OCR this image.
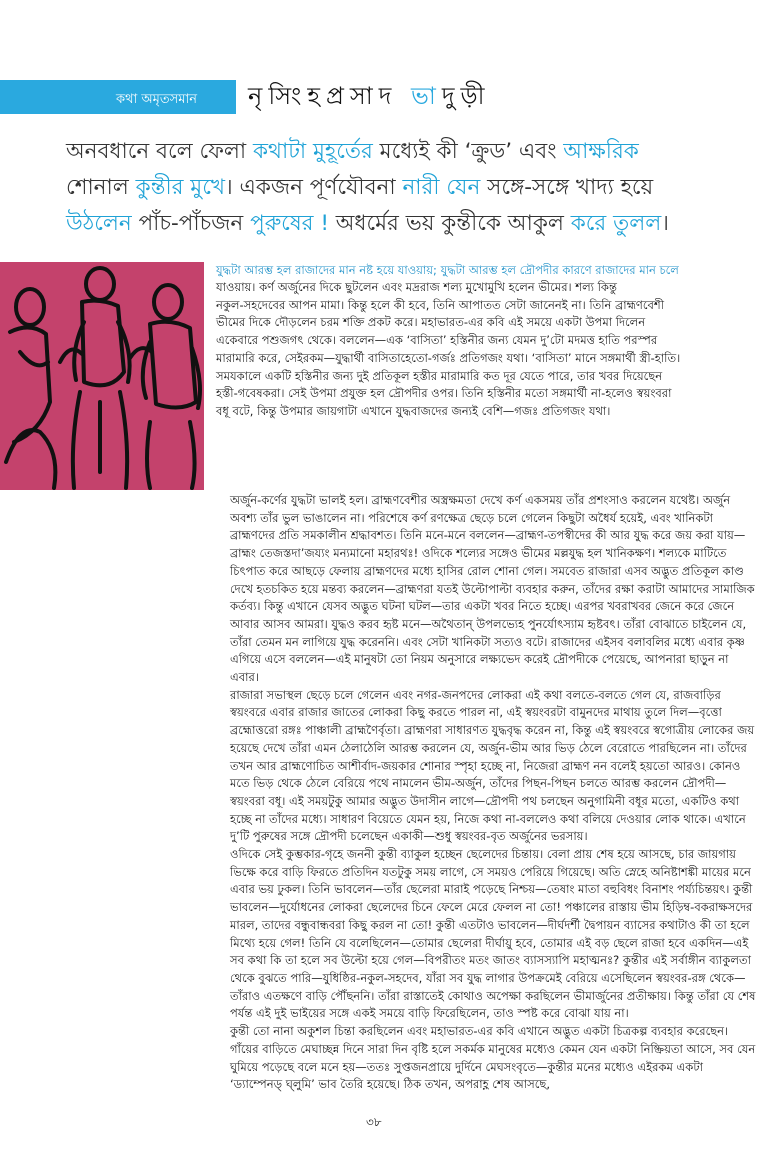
কথা অমৃতসমান নৃসিংহপ্রসাদ ভাদুড়ী
অনবধানে বলে ফেলা কথাটা মুহূর্তের মধ্যেই কী ‘ক্রুড’ এবং আক্ষরিক
শোনাল কুন্তীর মুখে। একজন পূর্ণযৌবনা নারী যেন সঙ্গে-সঙ্গে খাদ্য হয়ে
উঠলেন পাঁচ-পাঁচজন পুরুষের ! অধর্মের ভয় কুন্তীকে আকুল করে তুলল।
যুদ্ধটা আরম্ভ হল রাজাদের মান নষ্ট হয়ে যাওয়ায়; যুদ্ধটা আরম্ভ হল দ্রৌপদীর কারণে রাজাদের মান চলে

যাওয়ায়। কর্ণ অর্জুনের দিকে ছুটলেন এবং মদ্ররাজ শল্য মুখোমুখি হলেন ভীমের। শল্য কিন্তু

নকুল-সহদেবের আপন মামা। কিন্তু হলে কী হবে, তিনি আপাতত সেটা জানেনই না। তিনি ব্রাহ্মণবেশী

ভীমের দিকে দৌড়লেন চরম শক্তি প্রকট করে। মহাভারত-এর কবি এই সময়ে একটা উপমা দিলেন

একেবারে পশুজগৎ থেকে। বললেন—এক ‘বাসিতা’ হস্তিনীর জন্য যেমন দু’টো মদমত্ত হাতি পরস্পর

মারামারি করে, সেইরকম—যুদ্ধার্থী বাসিতাহেতো-গর্জঃ প্রতিগজং যথা। ‘বাসিতা’ মানে সঙ্গমার্থী স্ত্রী-হাতি।

সমযকালে একটি হস্তিনীর জন্য দুই প্রতিকূল হস্তীর মারামারি কত দূর যেতে পারে, তার খবর দিয়েছেন

হস্তী-গবেষকরা। সেই উপমা প্রযুক্ত হল দ্রৌপদীর ওপর। তিনি হস্তিনীর মতো সঙ্গমার্থী না-হলেও স্বয়ংবরা

বধূ বটে, কিন্তু উপমার জায়গাটা এখানে যুদ্ধবাজদের জন্যই বেশি—গজঃ প্রতিগজং যথা।

অর্জুন-কর্ণের যুদ্ধটা ভালই হল। ব্রাহ্মণবেশীর অস্ত্রক্ষমতা দেখে কর্ণ একসময় তাঁর প্রশংসাও করলেন যথেষ্ট। অর্জুন অবশ্য তাঁর ভুল ভাঙালেন না। পরিশেষে কর্ণ রণক্ষেত্র ছেড়ে চলে গেলেন কিছুটা অধৈর্য হয়েই, এবং খানিকটা ব্রাহ্মণদের প্রতি সমকালীন শ্রদ্ধাবশত। তিনি মনে-মনে বললেন—ব্রাহ্মণ-তপস্বীদের কী আর যুদ্ধ করে জয় করা যায়—ব্রাহ্মং তেজস্তদা’জয্যং মন্যমানো মহারথঃ! ওদিকে শল্যের সঙ্গেও ভীমের মল্লযুদ্ধ হল খানিকক্ষণ। শল্যকে মাটিতে চিৎপাত করে আছড়ে ফেলায় ব্রাহ্মণদের মধ্যে হাসির রোল শোনা গেল। সমবেত রাজারা এসব অদ্ভুত প্রতিকূল কাণ্ড দেখে হতচকিত হয়ে মন্তব্য করলেন—ব্রাহ্মণরা যতই উল্টোপাল্টা ব্যবহার করুন, তাঁদের রক্ষা করাটা আমাদের সামাজিক কর্তব্য। কিন্তু এখানে যেসব অদ্ভুত ঘটনা ঘটল—তার একটা খবর নিতে হচ্ছে। এরপর খবরাখবর জেনে করে জেনে আবার আসব আমরা। যুদ্ধও করব হৃষ্ট মনে—অথৈতান্ উপলভ্যেহ পুনর্যোৎস্যাম হৃষ্টবৎ। তাঁরা বোঝাতে চাইলেন যে, তাঁরা তেমন মন লাগিয়ে যুদ্ধ করেননি। এবং সেটা খানিকটা সত্যও বটে। রাজাদের এইসব বলাবলির মধ্যে এবার কৃষ্ণ এগিয়ে এসে বললেন—এই মানুষটা তো নিয়ম অনুসারে লক্ষ্যভেদ করেই দ্রৌপদীকে পেয়েছে, আপনারা ছাড়ুন না এবার।

রাজারা সভাস্থল ছেড়ে চলে গেলেন এবং নগর-জনপদের লোকরা এই কথা বলতে-বলতে গেল যে, রাজবাড়ির স্বয়ংবরে এবার রাজার জাতের লোকরা কিছু করতে পারল না, এই স্বয়ংবরটা বামুনদের মাথায় তুলে দিল—বৃত্তো ব্রহ্মোত্তরো রঙ্গঃ পাঞ্চালী ব্রাহ্মণৈর্বৃতা। ব্রাহ্মণরা সাধারণত যুদ্ধবৃদ্ধ করেন না, কিন্তু এই স্বয়ংবরে স্বগোত্রীয় লোকের জয় হয়েছে দেখে তাঁরা এমন ঠেলাঠেলি আরম্ভ করলেন যে, অর্জুন-ভীম আর ভিড় ঠেলে বেরোতে পারছিলেন না। তাঁদের তখন আর ব্রাহ্মণোচিত আশীর্বাদ-জয়কার শোনার স্পৃহা হচ্ছে না, নিজেরা ব্রাহ্মণ নন বলেই হয়তো আরও। কোনও মতে ভিড় থেকে ঠেলে বেরিয়ে পথে নামলেন ভীম-অর্জুন, তাঁদের পিছন-পিছন চলতে আরম্ভ করলেন দ্রৌপদী—স্বয়ংবরা বধূ। এই সময়টুকু আমার অদ্ভুত উদাসীন লাগে—দ্রৌপদী পথ চলছেন অনুগামিনী বধূর মতো, একটিও কথা হচ্ছে না তাঁদের মধ্যে। সাধারণ বিয়েতে যেমন হয়, নিজে কথা না-বললেও কথা বলিয়ে দেওয়ার লোক থাকে। এখানে দু’টি পুরুষের সঙ্গে দ্রৌপদী চলেছেন একাকী—শুধু স্বয়ংবর-বৃত অর্জুনের ভরসায়।

ওদিকে সেই কুম্ভকার-গৃহে জননী কুন্তী ব্যাকুল হচ্ছেন ছেলেদের চিন্তায়। বেলা প্রায় শেষ হয়ে আসছে, চার জায়গায় ভিক্ষে করে বাড়ি ফিরতে প্রতিদিন যতটুকু সময় লাগে, সে সময়ও পেরিয়ে গিয়েছে। অতি স্নেহে অনিষ্টাশঙ্কী মায়ের মনে এবার ভয় ঢুকল। তিনি ভাবলেন—তাঁর ছেলেরা মারাই পড়েছে নিশ্চয়—তেষাং মাতা বহুবিধং বিনাশং পর্য্যচিন্তয়ৎ। কুন্তী ভাবলেন—দুর্যোধনের লোকরা ছেলেদের চিনে ফেলে মেরে ফেলল না তো! পঞ্চালের রাস্তায় ভীম হিড়িম্ব-বকরাক্ষসদের মারল, তাদের বন্ধুবান্ধবরা কিছু করল না তো! কুন্তী এতটাও ভাবলেন—দীর্ঘদর্শী দ্বৈপায়ন ব্যাসের কথাটাও কী তা হলে মিথ্যে হয়ে গেল! তিনি যে বলেছিলেন—তোমার ছেলেরা দীর্ঘায়ু হবে, তোমার এই বড় ছেলে রাজা হবে একদিন—এই সব কথা কি তা হলে সব উল্টো হয়ে গেল—বিপরীতং মতং জাতং ব্যাসস্যাপি মহাত্মনঃ? কুন্তীর এই সর্বাঙ্গীন ব্যাকুলতা থেকে বুঝতে পারি—যুধিষ্ঠির-নকুল-সহদেব, যাঁরা সব যুদ্ধ লাগার উপক্রমেই বেরিয়ে এসেছিলেন স্বয়ংবর-রঙ্গ থেকে—তাঁরাও এতক্ষণে বাড়ি পৌঁছননি। তাঁরা রাস্তাতেই কোথাও অপেক্ষা করছিলেন ভীমার্জুনের প্রতীক্ষায়। কিন্তু তাঁরা যে শেষ পর্যন্ত এই দুই ভাইয়ের সঙ্গে একই সময়ে বাড়ি ফিরেছিলেন, তাও স্পষ্ট করে বোঝা যায় না।

কুন্তী তো নানা অকুশল চিন্তা করছিলেন এবং মহাভারত-এর কবি এখানে অদ্ভুত একটা চিত্রকল্প ব্যবহার করেছেন। গাঁয়ের বাড়িতে মেঘাচ্ছন্ন দিনে সারা দিন বৃষ্টি হলে সকর্মক মানুষের মধ্যেও কেমন যেন একটা নিষ্ক্রিয়তা আসে, সব যেন ঘুমিয়ে পড়েছে বলে মনে হয়—ততঃ সুপ্তজনপ্রায়ে দুর্দিনে মেঘসংবৃতে—কুন্তীর মনের মধ্যেও এইরকম একটা ‘ড্যাম্পেনড্ ঘ্লুমি’ ভাব তৈরি হয়েছে। ঠিক তখন, অপরাহ্ণ শেষ আসছে,

৩৮
